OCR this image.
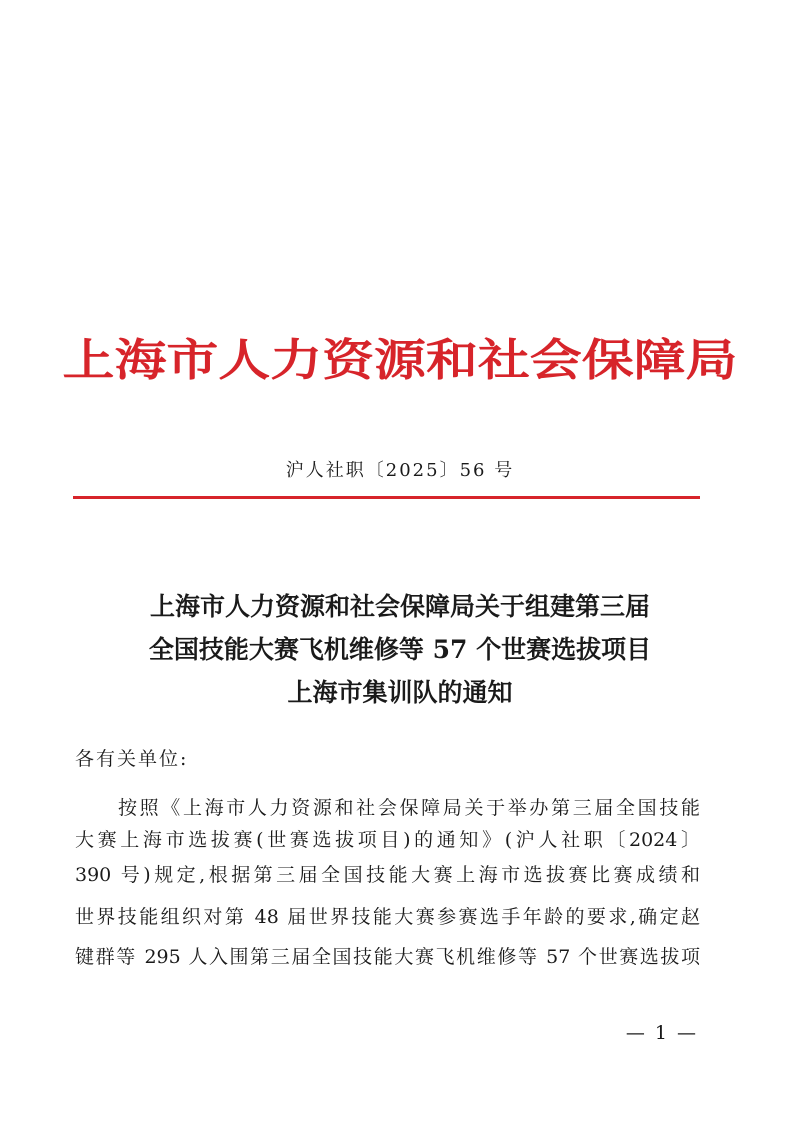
上海市人力资源和社会保障局
沪人社职〔2025〕56 号
上海市人力资源和社会保障局关于组建第三届
全国技能大赛飞机维修等 57 个世赛选拔项目
上海市集训队的通知
各有关单位:
按照《上海市人力资源和社会保障局关于举办第三届全国技能
大赛上海市选拔赛(世赛选拔项目)的通知》(沪人社职〔2024〕
390 号)规定,根据第三届全国技能大赛上海市选拔赛比赛成绩和
世界技能组织对第 48 届世界技能大赛参赛选手年龄的要求,确定赵
键群等 295 人入围第三届全国技能大赛飞机维修等 57 个世赛选拔项
— 1 —
